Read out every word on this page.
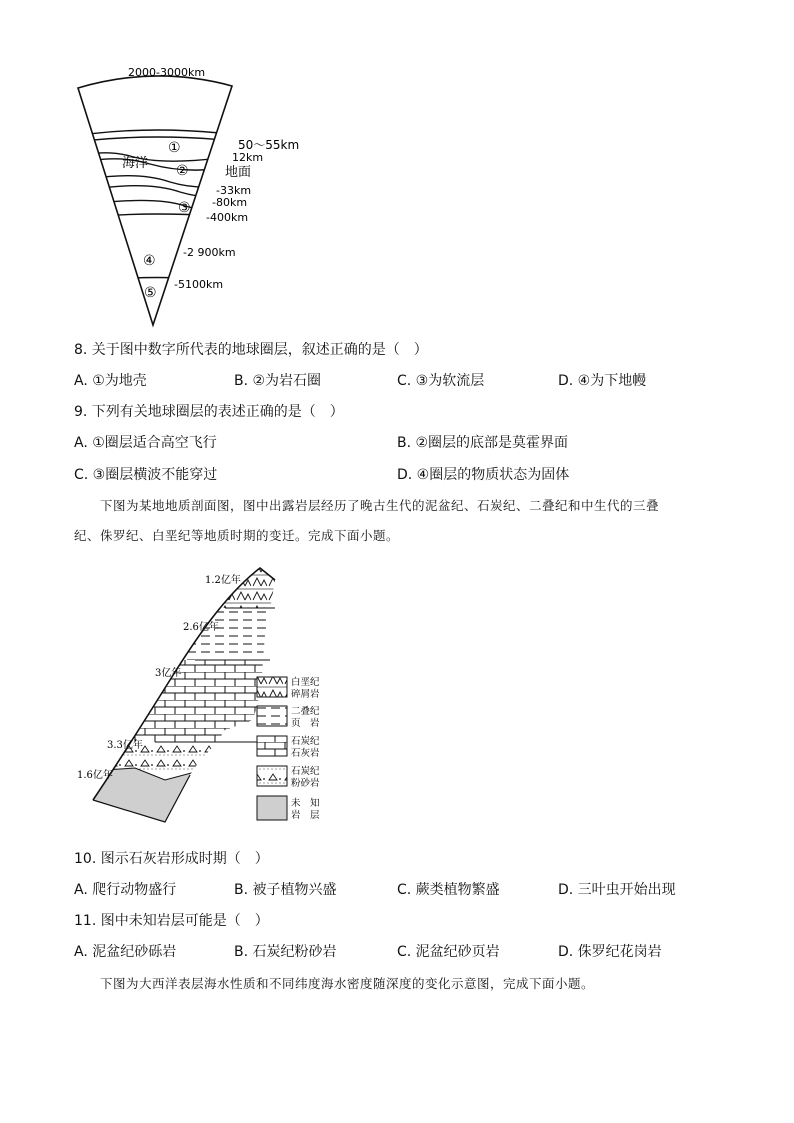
2000-3000km
海洋
地面
①
②
③
④
⑤
50～55km
12km
-33km
-80km
-400km
-2 900km
-5100km
8. 关于图中数字所代表的地球圈层，叙述正确的是（　）
A. ①为地壳	B. ②为岩石圈	C. ③为软流层	D. ④为下地幔
9. 下列有关地球圈层的表述正确的是（　）
A. ①圈层适合高空飞行	B. ②圈层的底部是莫霍界面
C. ③圈层横波不能穿过	D. ④圈层的物质状态为固体
下图为某地地质剖面图，图中出露岩层经历了晚古生代的泥盆纪、石炭纪、二叠纪和中生代的三叠
纪、侏罗纪、白垩纪等地质时期的变迁。完成下面小题。
1.2亿年
2.6亿年
3亿年
3.3亿年
1.6亿年
白垩纪
碎屑岩
二叠纪
页　岩
石炭纪
石灰岩
石炭纪
粉砂岩
未　知
岩　层
10. 图示石灰岩形成时期（　）
A. 爬行动物盛行	B. 被子植物兴盛	C. 蕨类植物繁盛	D. 三叶虫开始出现
11. 图中未知岩层可能是（　）
A. 泥盆纪砂砾岩	B. 石炭纪粉砂岩	C. 泥盆纪砂页岩	D. 侏罗纪花岗岩
下图为大西洋表层海水性质和不同纬度海水密度随深度的变化示意图，完成下面小题。
